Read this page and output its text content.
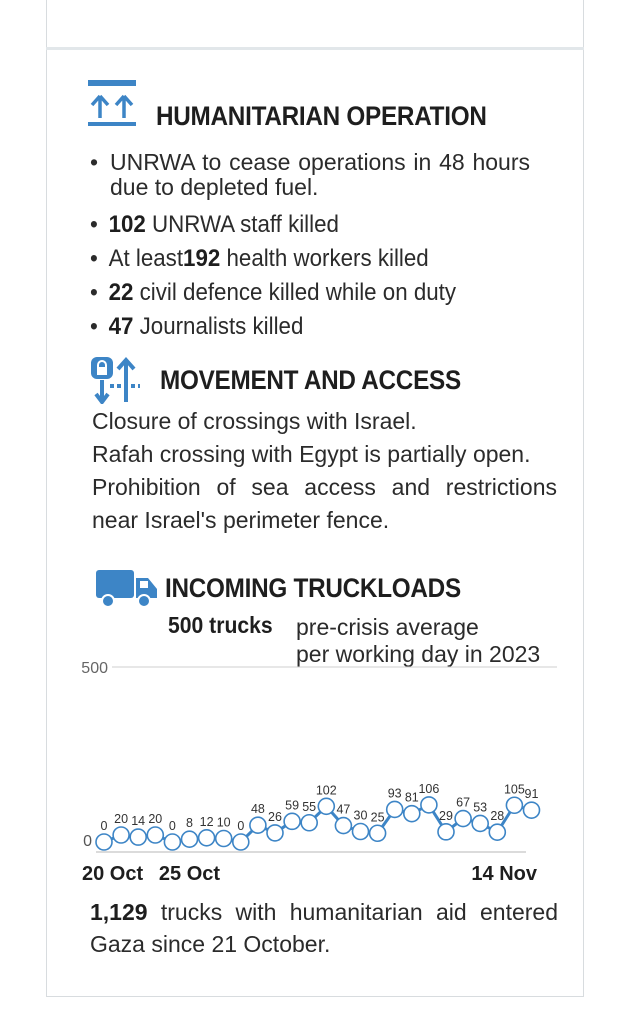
HUMANITARIAN OPERATION
• UNRWA to cease operations in 48 hours due to depleted fuel.
• 102 UNRWA staff killed
• At least192 health workers killed
• 22 civil defence killed while on duty
• 47 Journalists killed
MOVEMENT AND ACCESS

Closure of crossings with Israel.

Rafah crossing with Egypt is partially open.

Prohibition of sea access and restrictions near Israel's perimeter fence.

INCOMING TRUCKLOADS
500 trucks pre-crisis average
per working day in 2023
500
0
0 20 14 20 0 8 12 10 0
48
26
59 55
102
47 30 25
93 81
106
29
67 53
28
105 91
20 Oct 25 Oct	14 Nov
1,129 trucks with humanitarian aid entered Gaza since 21 October.
